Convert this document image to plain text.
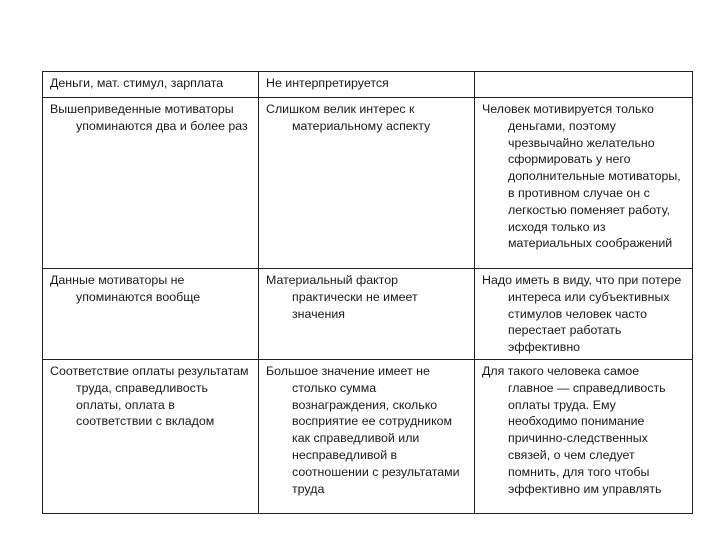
Деньги, мат. стимул, зарплата	Не интерпретируется	

Вышеприведенные мотиваторы упоминаются два и более раз	Слишком велик интерес к материальному аспекту	Человек мотивируется только деньгами, поэтому чрезвычайно желательно сформировать у него дополнительные мотиваторы, в противном случае он с легкостью поменяет работу, исходя только из материальных соображений

Данные мотиваторы не упоминаются вообще	Материальный фактор практически не имеет значения	Надо иметь в виду, что при потере интереса или субъективных стимулов человек часто перестает работать эффективно

Соответствие оплаты результатам труда, справедливость оплаты, оплата в соответствии с вкладом	Большое значение имеет не столько сумма вознаграждения, сколько восприятие ее сотрудником как справедливой или несправедливой в соотношении с результатами труда	Для такого человека самое главное — справедливость оплаты труда. Ему необходимо понимание причинно-следственных связей, о чем следует помнить, для того чтобы эффективно им управлять
